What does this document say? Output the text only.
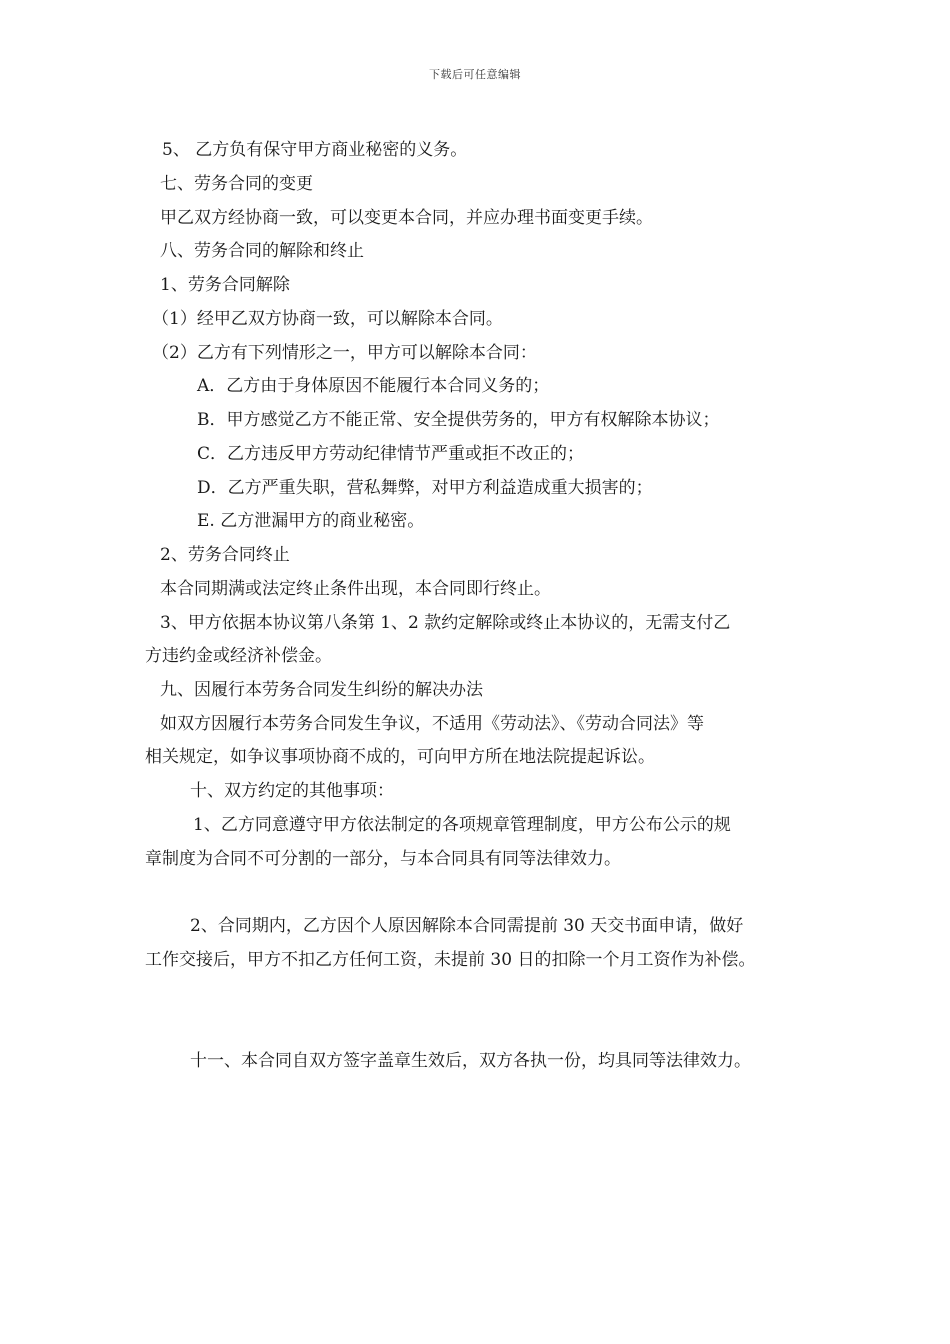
下载后可任意编辑
5、 乙方负有保守甲方商业秘密的义务。
七、劳务合同的变更
甲乙双方经协商一致，可以变更本合同，并应办理书面变更手续。
八、劳务合同的解除和终止
1、劳务合同解除
（1）经甲乙双方协商一致，可以解除本合同。
（2）乙方有下列情形之一，甲方可以解除本合同：
A．乙方由于身体原因不能履行本合同义务的；
B．甲方感觉乙方不能正常、安全提供劳务的，甲方有权解除本协议；
C．乙方违反甲方劳动纪律情节严重或拒不改正的；
D．乙方严重失职，营私舞弊，对甲方利益造成重大损害的；
E. 乙方泄漏甲方的商业秘密。
2、劳务合同终止
本合同期满或法定终止条件出现，本合同即行终止。
3、甲方依据本协议第八条第 1、2 款约定解除或终止本协议的，无需支付乙
方违约金或经济补偿金。
九、因履行本劳务合同发生纠纷的解决办法
如双方因履行本劳务合同发生争议，不适用《劳动法》、《劳动合同法》等
相关规定，如争议事项协商不成的，可向甲方所在地法院提起诉讼。
十、双方约定的其他事项：
1、乙方同意遵守甲方依法制定的各项规章管理制度，甲方公布公示的规
章制度为合同不可分割的一部分，与本合同具有同等法律效力。
2、合同期内，乙方因个人原因解除本合同需提前 30 天交书面申请，做好
工作交接后，甲方不扣乙方任何工资，未提前 30 日的扣除一个月工资作为补偿。
十一、本合同自双方签字盖章生效后，双方各执一份，均具同等法律效力。
